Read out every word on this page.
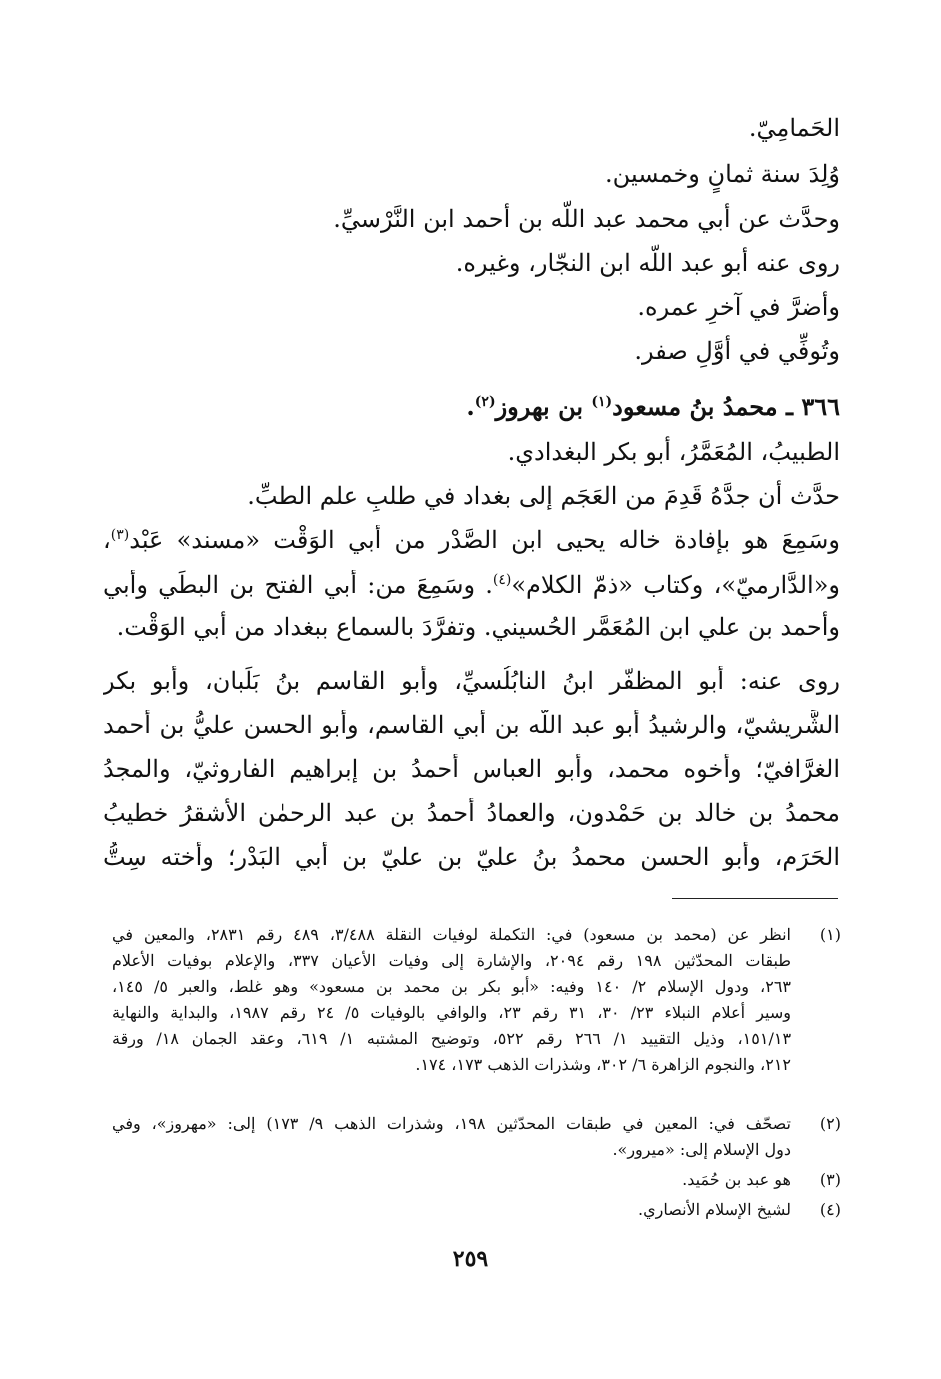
الحَمامِيّ.
وُلِدَ سنة ثمانٍ وخمسين.
وحدَّث عن أبي محمد عبد اللّه بن أحمد ابن النَّرْسيِّ.
روى عنه أبو عبد اللّه ابن النجّار، وغيره.
وأضرَّ في آخرِ عمره.
وتُوفِّي في أوَّلِ صفر.
٣٦٦ ـ محمدُ بنُ مسعود$^{(١)}$ بن بهروز$^{(٢)}$.
الطبيبُ، المُعَمَّرُ، أبو بكر البغدادي.
حدَّث أن جدَّهُ قَدِمَ من العَجَم إلى بغداد في طلبِ علم الطبِّ.
وسَمِعَ هو بإفادة خاله يحيى ابن الصَّدْر من أبي الوَقْت «مسند» عَبْد$^{(٣)}$،
و«الدَّارميّ»، وكتاب «ذمّ الكلام»$^{(٤)}$. وسَمِعَ من: أبي الفتح بن البطِّي وأبي
وأحمد بن علي ابن المُعَمَّر الحُسيني. وتفرَّدَ بالسماع ببغداد من أبي الوَقْت.
روى عنه: أبو المظفّر ابنُ النابُلُسيِّ، وأبو القاسم بنُ بَلَبان، وأبو بكر
الشَّريشيّ، والرشيدُ أبو عبد اللّه بن أبي القاسم، وأبو الحسن عليُّ بن أحمد
الغرَّافيّ؛ وأخوه محمد، وأبو العباس أحمدُ بن إبراهيم الفاروثيّ، والمجدُ
محمدُ بن خالد بن حَمْدون، والعمادُ أحمدُ بن عبد الرحمٰن الأشقرُ خطيبُ
الحَرَم، وأبو الحسن محمدُ بنُ عليّ بن عليّ بن أبي البَدْر؛ وأخته سِتُّ
(١)
انظر عن (محمد بن مسعود) في: التكملة لوفيات النقلة ٣/٤٨٨، ٤٨٩ رقم ٢٨٣١، والمعين في
طبقات المحدّثين ١٩٨ رقم ٢٠٩٤، والإشارة إلى وفيات الأعيان ٣٣٧، والإعلام بوفيات الأعلام
٢٦٣، ودول الإسلام ٢/ ١٤٠ وفيه: «أبو بكر بن محمد بن مسعود» وهو غلط، والعبر ٥/ ١٤٥،
وسير أعلام النبلاء ٢٣/ ٣٠، ٣١ رقم ٢٣، والوافي بالوفيات ٥/ ٢٤ رقم ١٩٨٧، والبداية والنهاية
١٥١/١٣، وذيل التقييد ١/ ٢٦٦ رقم ٥٢٢، وتوضيح المشتبه ١/ ٦١٩، وعقد الجمان ١٨/ ورقة
٢١٢، والنجوم الزاهرة ٦/ ٣٠٢، وشذرات الذهب ١٧٣، ١٧٤.
(٢)
تصحّف في: المعين في طبقات المحدّثين ١٩٨، وشذرات الذهب ٩/ ١٧٣) إلى: «مهروز»، وفي
دول الإسلام إلى: «ميرور».
(٣)
هو عبد بن حُمَيد.
(٤)
لشيخ الإسلام الأنصاري.
٢٥٩
